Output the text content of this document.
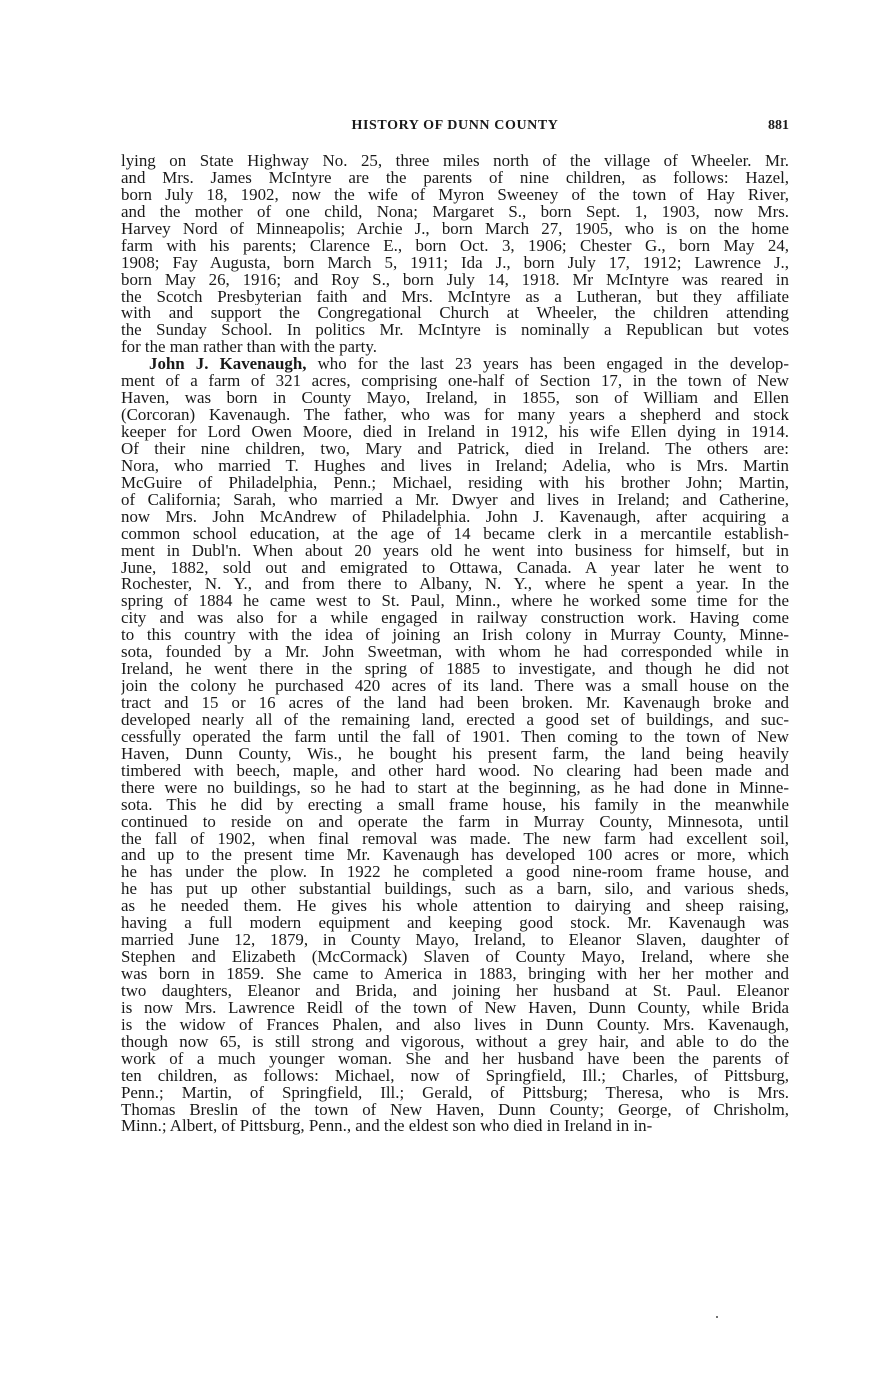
HISTORY OF DUNN COUNTY	881

lying on State Highway No. 25, three miles north of the village of Wheeler. Mr.
and Mrs. James McIntyre are the parents of nine children, as follows: Hazel,
born July 18, 1902, now the wife of Myron Sweeney of the town of Hay River,
and the mother of one child, Nona; Margaret S., born Sept. 1, 1903, now Mrs.
Harvey Nord of Minneapolis; Archie J., born March 27, 1905, who is on the home
farm with his parents; Clarence E., born Oct. 3, 1906; Chester G., born May 24,
1908; Fay Augusta, born March 5, 1911; Ida J., born July 17, 1912; Lawrence J.,
born May 26, 1916; and Roy S., born July 14, 1918. Mr McIntyre was reared in
the Scotch Presbyterian faith and Mrs. McIntyre as a Lutheran, but they affiliate
with and support the Congregational Church at Wheeler, the children attending
the Sunday School. In politics Mr. McIntyre is nominally a Republican but votes
for the man rather than with the party.

John J. Kavenaugh, who for the last 23 years has been engaged in the develop-
ment of a farm of 321 acres, comprising one-half of Section 17, in the town of New
Haven, was born in County Mayo, Ireland, in 1855, son of William and Ellen
(Corcoran) Kavenaugh. The father, who was for many years a shepherd and stock
keeper for Lord Owen Moore, died in Ireland in 1912, his wife Ellen dying in 1914.
Of their nine children, two, Mary and Patrick, died in Ireland. The others are:
Nora, who married T. Hughes and lives in Ireland; Adelia, who is Mrs. Martin
McGuire of Philadelphia, Penn.; Michael, residing with his brother John; Martin,
of California; Sarah, who married a Mr. Dwyer and lives in Ireland; and Catherine,
now Mrs. John McAndrew of Philadelphia. John J. Kavenaugh, after acquiring a
common school education, at the age of 14 became clerk in a mercantile establish-
ment in Dubl'n. When about 20 years old he went into business for himself, but in
June, 1882, sold out and emigrated to Ottawa, Canada. A year later he went to
Rochester, N. Y., and from there to Albany, N. Y., where he spent a year. In the
spring of 1884 he came west to St. Paul, Minn., where he worked some time for the
city and was also for a while engaged in railway construction work. Having come
to this country with the idea of joining an Irish colony in Murray County, Minne-
sota, founded by a Mr. John Sweetman, with whom he had corresponded while in
Ireland, he went there in the spring of 1885 to investigate, and though he did not
join the colony he purchased 420 acres of its land. There was a small house on the
tract and 15 or 16 acres of the land had been broken. Mr. Kavenaugh broke and
developed nearly all of the remaining land, erected a good set of buildings, and suc-
cessfully operated the farm until the fall of 1901. Then coming to the town of New
Haven, Dunn County, Wis., he bought his present farm, the land being heavily
timbered with beech, maple, and other hard wood. No clearing had been made and
there were no buildings, so he had to start at the beginning, as he had done in Minne-
sota. This he did by erecting a small frame house, his family in the meanwhile
continued to reside on and operate the farm in Murray County, Minnesota, until
the fall of 1902, when final removal was made. The new farm had excellent soil,
and up to the present time Mr. Kavenaugh has developed 100 acres or more, which
he has under the plow. In 1922 he completed a good nine-room frame house, and
he has put up other substantial buildings, such as a barn, silo, and various sheds,
as he needed them. He gives his whole attention to dairying and sheep raising,
having a full modern equipment and keeping good stock. Mr. Kavenaugh was
married June 12, 1879, in County Mayo, Ireland, to Eleanor Slaven, daughter of
Stephen and Elizabeth (McCormack) Slaven of County Mayo, Ireland, where she
was born in 1859. She came to America in 1883, bringing with her her mother and
two daughters, Eleanor and Brida, and joining her husband at St. Paul. Eleanor
is now Mrs. Lawrence Reidl of the town of New Haven, Dunn County, while Brida
is the widow of Frances Phalen, and also lives in Dunn County. Mrs. Kavenaugh,
though now 65, is still strong and vigorous, without a grey hair, and able to do the
work of a much younger woman. She and her husband have been the parents of
ten children, as follows: Michael, now of Springfield, Ill.; Charles, of Pittsburg,
Penn.; Martin, of Springfield, Ill.; Gerald, of Pittsburg; Theresa, who is Mrs.
Thomas Breslin of the town of New Haven, Dunn County; George, of Chrisholm,
Minn.; Albert, of Pittsburg, Penn., and the eldest son who died in Ireland in in-
